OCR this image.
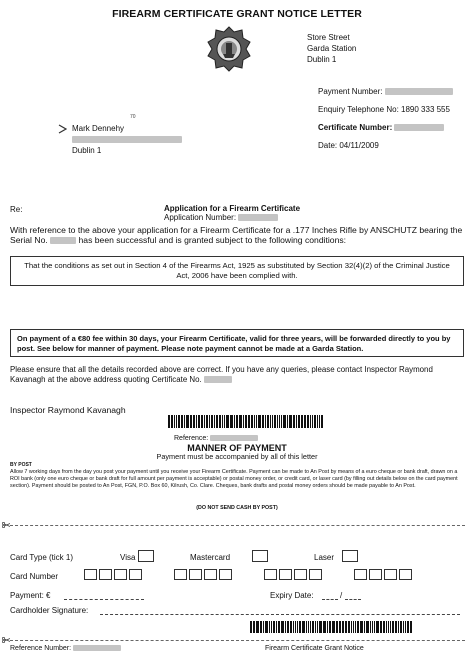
FIREARM CERTIFICATE GRANT NOTICE LETTER
Store Street
Garda Station
Dublin 1
Payment Number:
Enquiry Telephone No: 1890 333 555
Certificate Number:
Date: 04/11/2009
70
Mark Dennehy
Dublin 1
Re:	Application for a Firearm Certificate
Application Number:
With reference to the above your application for a Firearm Certificate for a .177 Inches Rifle by ANSCHUTZ bearing the Serial No.	has been successful and is granted subject to the following conditions:
That the conditions as set out in Section 4 of the Firearms Act, 1925 as substituted by Section 32(4)(2) of the Criminal Justice Act, 2006 have been complied with.
On payment of a €80 fee within 30 days, your Firearm Certificate, valid for three years, will be forwarded directly to you by post. See below for manner of payment. Please note payment cannot be made at a Garda Station.
Please ensure that all the details recorded above are correct. If you have any queries, please contact Inspector Raymond Kavanagh at the above address quoting Certificate No.
Inspector Raymond Kavanagh
Reference:
MANNER OF PAYMENT
Payment must be accompanied by all of this letter
BY POST
Allow 7 working days from the day you post your payment until you receive your Firearm Certificate. Payment can be made to An Post by means of a euro cheque or bank draft, drawn on a ROI bank (only one euro cheque or bank draft for full amount per payment is acceptable) or postal money order, or credit card, or laser card (by filling out details below on the card payment section). Payment should be posted to An Post, FGN, P.O. Box 60, Kilrush, Co. Clare. Cheques, bank drafts and postal money orders should be made payable to An Post.
(DO NOT SEND CASH BY POST)
Card Type (tick 1)	Visa	Mastercard	Laser
Card Number
Payment: €	Expiry Date:	/
Cardholder Signature:
Reference Number:	Firearm Certificate Grant Notice
